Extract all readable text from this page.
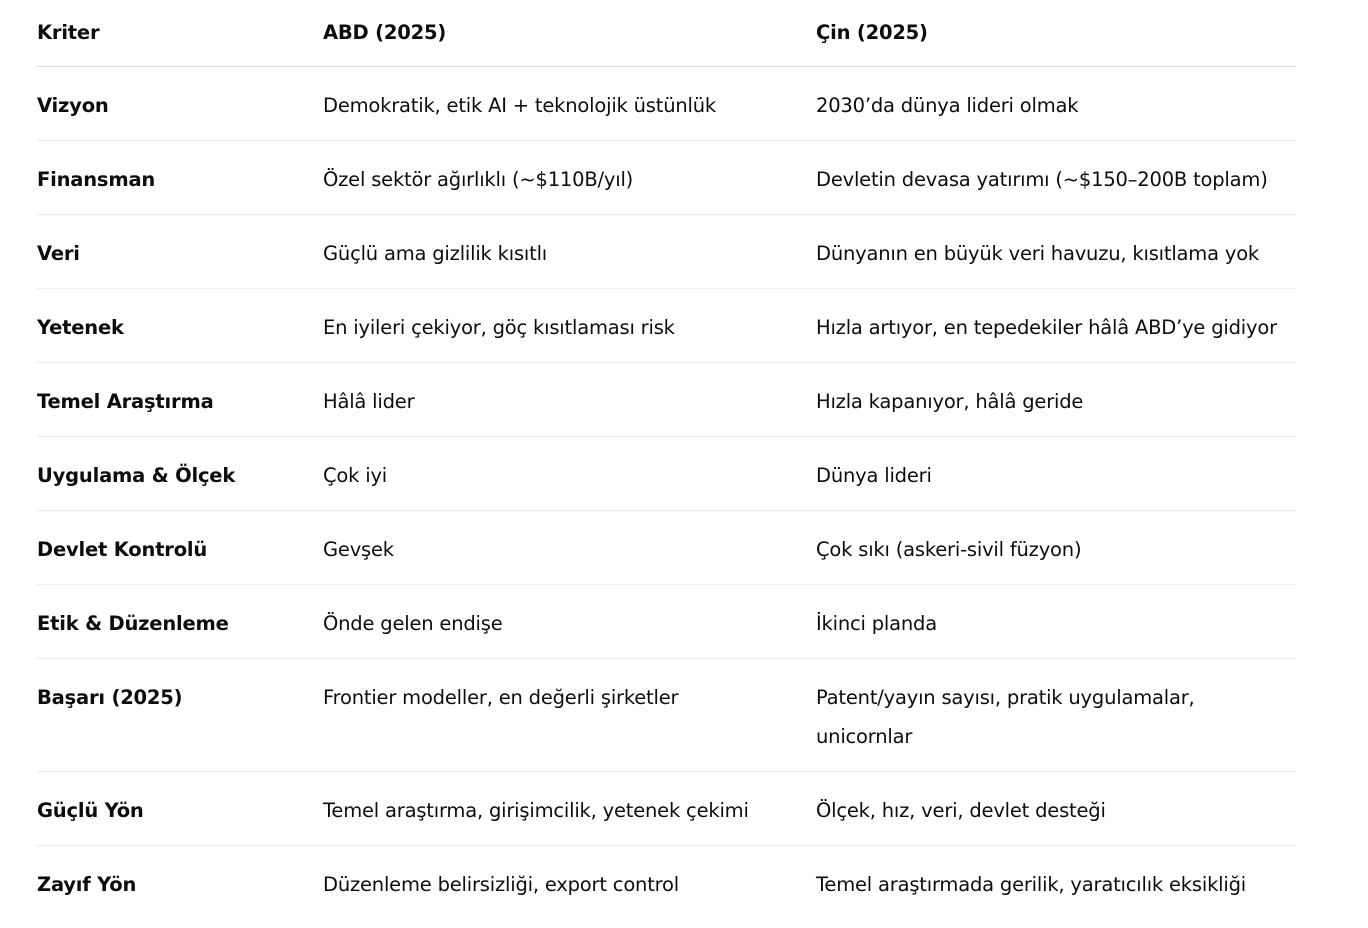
Kriter	ABD (2025)	Çin (2025)
Vizyon	Demokratik, etik AI + teknolojik üstünlük	2030’da dünya lideri olmak
Finansman	Özel sektör ağırlıklı (~$110B/yıl)	Devletin devasa yatırımı (~$150–200B toplam)
Veri	Güçlü ama gizlilik kısıtlı	Dünyanın en büyük veri havuzu, kısıtlama yok
Yetenek	En iyileri çekiyor, göç kısıtlaması risk	Hızla artıyor, en tepedekiler hâlâ ABD’ye gidiyor
Temel Araştırma	Hâlâ lider	Hızla kapanıyor, hâlâ geride
Uygulama & Ölçek	Çok iyi	Dünya lideri
Devlet Kontrolü	Gevşek	Çok sıkı (askeri-sivil füzyon)
Etik & Düzenleme	Önde gelen endişe	İkinci planda
Başarı (2025)	Frontier modeller, en değerli şirketler	Patent/yayın sayısı, pratik uygulamalar, unicornlar
Güçlü Yön	Temel araştırma, girişimcilik, yetenek çekimi	Ölçek, hız, veri, devlet desteği
Zayıf Yön	Düzenleme belirsizliği, export control	Temel araştırmada gerilik, yaratıcılık eksikliği
